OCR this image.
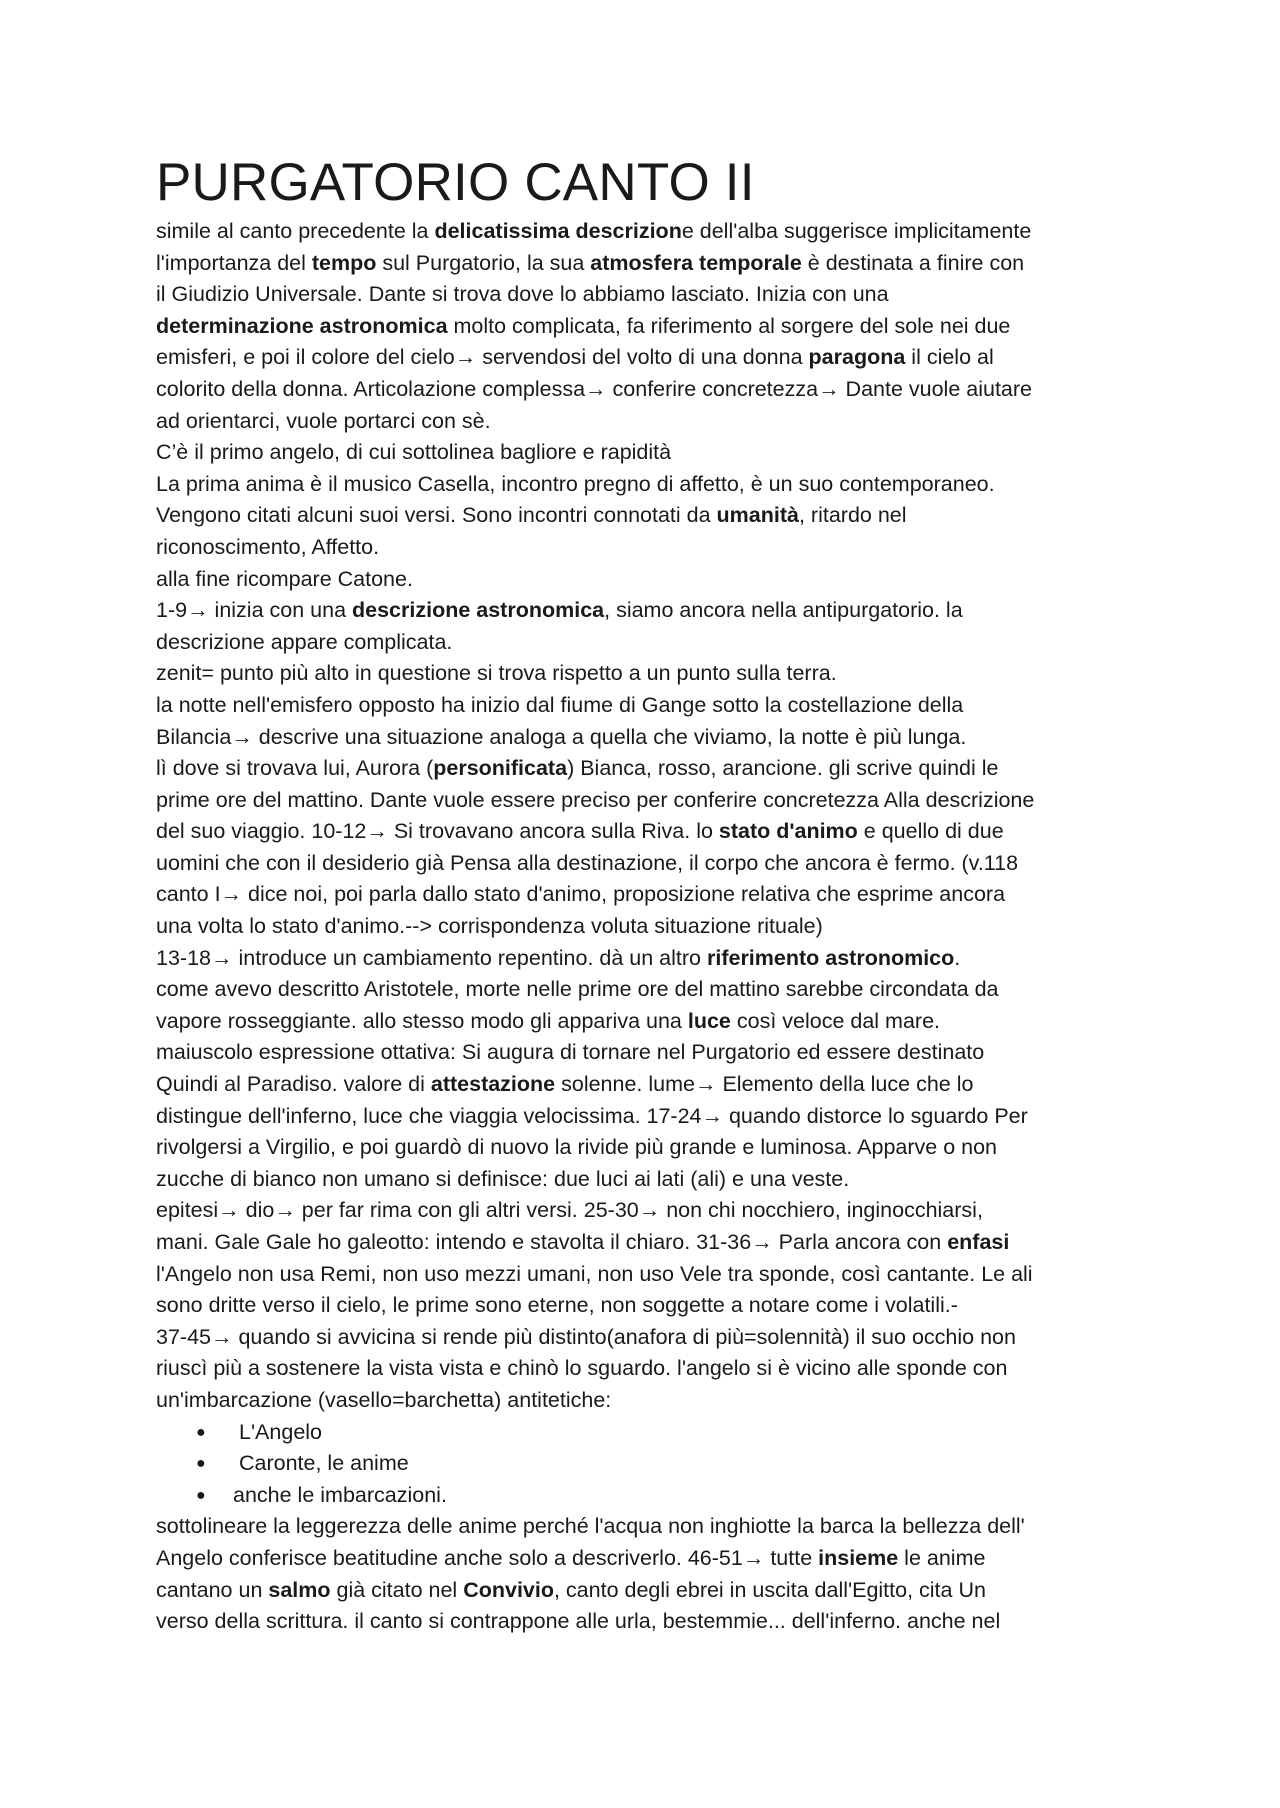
PURGATORIO CANTO II
simile al canto precedente la delicatissima descrizione dell'alba suggerisce implicitamente
l'importanza del tempo sul Purgatorio, la sua atmosfera temporale è destinata a finire con
il Giudizio Universale. Dante si trova dove lo abbiamo lasciato. Inizia con una
determinazione astronomica molto complicata, fa riferimento al sorgere del sole nei due
emisferi, e poi il colore del cielo→ servendosi del volto di una donna paragona il cielo al
colorito della donna. Articolazione complessa→ conferire concretezza→ Dante vuole aiutare
ad orientarci, vuole portarci con sè.
C’è il primo angelo, di cui sottolinea bagliore e rapidità
La prima anima è il musico Casella, incontro pregno di affetto, è un suo contemporaneo.
Vengono citati alcuni suoi versi. Sono incontri connotati da umanità, ritardo nel
riconoscimento, Affetto.
alla fine ricompare Catone.
1-9→ inizia con una descrizione astronomica, siamo ancora nella antipurgatorio. la
descrizione appare complicata.
zenit= punto più alto in questione si trova rispetto a un punto sulla terra.
la notte nell'emisfero opposto ha inizio dal fiume di Gange sotto la costellazione della
Bilancia→ descrive una situazione analoga a quella che viviamo, la notte è più lunga.
lì dove si trovava lui, Aurora (personificata) Bianca, rosso, arancione. gli scrive quindi le
prime ore del mattino. Dante vuole essere preciso per conferire concretezza Alla descrizione
del suo viaggio. 10-12→ Si trovavano ancora sulla Riva. lo stato d'animo e quello di due
uomini che con il desiderio già Pensa alla destinazione, il corpo che ancora è fermo. (v.118
canto I→ dice noi, poi parla dallo stato d'animo, proposizione relativa che esprime ancora
una volta lo stato d'animo.--> corrispondenza voluta situazione rituale)
13-18→ introduce un cambiamento repentino. dà un altro riferimento astronomico.
come avevo descritto Aristotele, morte nelle prime ore del mattino sarebbe circondata da
vapore rosseggiante. allo stesso modo gli appariva una luce così veloce dal mare.
maiuscolo espressione ottativa: Si augura di tornare nel Purgatorio ed essere destinato
Quindi al Paradiso. valore di attestazione solenne. lume→ Elemento della luce che lo
distingue dell'inferno, luce che viaggia velocissima. 17-24→ quando distorce lo sguardo Per
rivolgersi a Virgilio, e poi guardò di nuovo la rivide più grande e luminosa. Apparve o non
zucche di bianco non umano si definisce: due luci ai lati (ali) e una veste.
epitesi→ dio→ per far rima con gli altri versi. 25-30→ non chi nocchiero, inginocchiarsi,
mani. Gale Gale ho galeotto: intendo e stavolta il chiaro. 31-36→ Parla ancora con enfasi
l'Angelo non usa Remi, non uso mezzi umani, non uso Vele tra sponde, così cantante. Le ali
sono dritte verso il cielo, le prime sono eterne, non soggette a notare come i volatili.-
37-45→ quando si avvicina si rende più distinto(anafora di più=solennità) il suo occhio non
riuscì più a sostenere la vista vista e chinò lo sguardo. l'angelo si è vicino alle sponde con
un'imbarcazione (vasello=barchetta) antitetiche:
● L'Angelo
● Caronte, le anime
● anche le imbarcazioni.
sottolineare la leggerezza delle anime perché l'acqua non inghiotte la barca la bellezza dell'
Angelo conferisce beatitudine anche solo a descriverlo. 46-51→ tutte insieme le anime
cantano un salmo già citato nel Convivio, canto degli ebrei in uscita dall'Egitto, cita Un
verso della scrittura. il canto si contrappone alle urla, bestemmie... dell'inferno. anche nel
